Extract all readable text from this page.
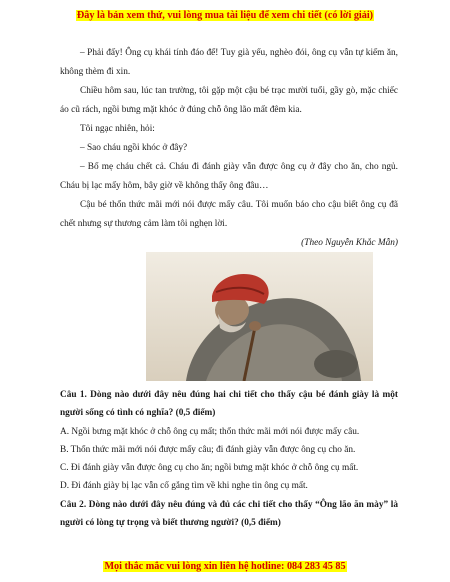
Đây là bản xem thử, vui lòng mua tài liệu để xem chi tiết (có lời giải)

– Phải đấy! Ông cụ khái tính đáo để! Tuy già yếu, nghèo đói, ông cụ vẫn tự kiếm ăn, không thèm đi xin.

Chiều hôm sau, lúc tan trường, tôi gặp một cậu bé trạc mười tuổi, gầy gò, mặc chiếc áo cũ rách, ngồi bưng mặt khóc ở đúng chỗ ông lão mất đêm kia.

Tôi ngạc nhiên, hỏi:

– Sao cháu ngồi khóc ở đây?

– Bố mẹ cháu chết cả. Cháu đi đánh giày vẫn được ông cụ ở đây cho ăn, cho ngủ. Cháu bị lạc mấy hôm, bây giờ về không thấy ông đâu…

Cậu bé thổn thức mãi mới nói được mấy câu. Tôi muốn báo cho cậu biết ông cụ đã chết nhưng sự thương cảm làm tôi nghẹn lời.

(Theo Nguyễn Khắc Mẫn)

Câu 1. Dòng nào dưới đây nêu đúng hai chi tiết cho thấy cậu bé đánh giày là một người sống có tình có nghĩa? (0,5 điểm)

A. Ngồi bưng mặt khóc ở chỗ ông cụ mất; thổn thức mãi mới nói được mấy câu.

B. Thổn thức mãi mới nói được mấy câu; đi đánh giày vẫn được ông cụ cho ăn.

C. Đi đánh giày vẫn được ông cụ cho ăn; ngồi bưng mặt khóc ở chỗ ông cụ mất.

D. Đi đánh giày bị lạc vẫn cố gắng tìm về khi nghe tin ông cụ mất.

Câu 2. Dòng nào dưới đây nêu đúng và đủ các chi tiết cho thấy “Ông lão ăn mày” là người có lòng tự trọng và biết thương người? (0,5 điểm)

Mọi thắc mắc vui lòng xin liên hệ hotline: 084 283 45 85
